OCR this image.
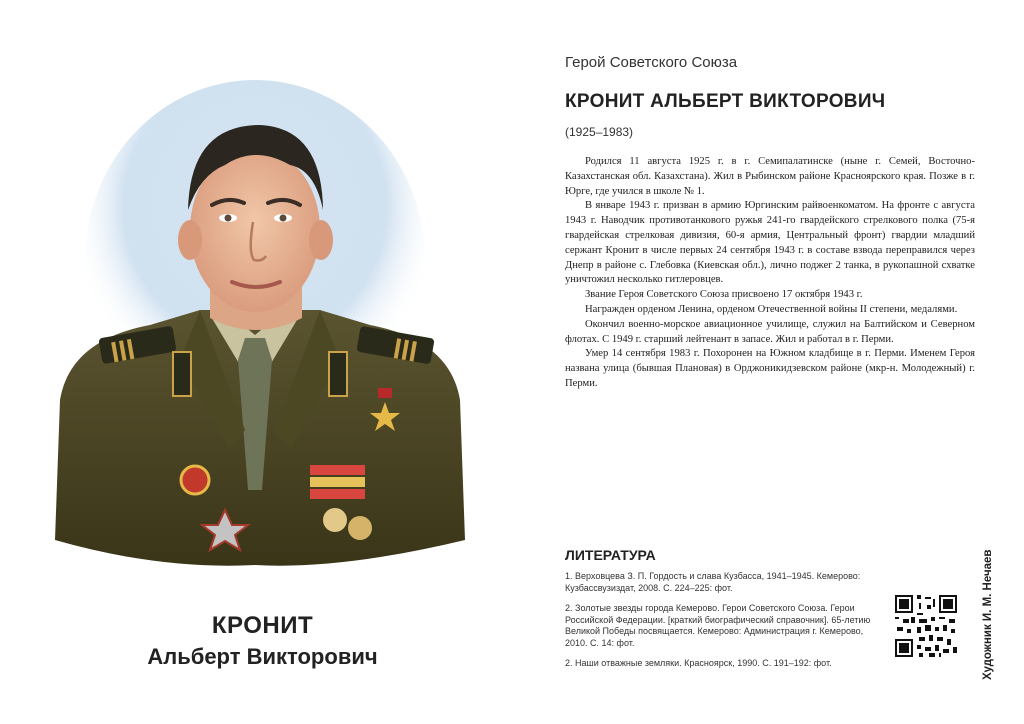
КРОНИТ
Альберт Викторович
Герой Советского Союза
КРОНИТ АЛЬБЕРТ ВИКТОРОВИЧ
(1925–1983)

Родился 11 августа 1925 г. в г. Семипалатинске (ныне г. Семей, Восточно-Казахстанская обл. Казахстана). Жил в Рыбинском районе Красноярского края. Позже в г. Юрге, где учился в школе № 1.

В январе 1943 г. призван в армию Юргинским райвоенкоматом. На фронте с августа 1943 г. Наводчик противотанкового ружья 241-го гвардейского стрелкового полка (75-я гвардейская стрелковая дивизия, 60-я армия, Центральный фронт) гвардии младший сержант Кронит в числе первых 24 сентября 1943 г. в составе взвода переправился через Днепр в районе с. Глебовка (Киевская обл.), лично поджег 2 танка, в рукопашной схватке уничтожил несколько гитлеровцев.

Звание Героя Советского Союза присвоено 17 октября 1943 г.

Награжден орденом Ленина, орденом Отечественной войны II степени, медалями.

Окончил военно-морское авиационное училище, служил на Балтийском и Северном флотах. С 1949 г. старший лейтенант в запасе. Жил и работал в г. Перми.

Умер 14 сентября 1983 г. Похоронен на Южном кладбище в г. Перми. Именем Героя названа улица (бывшая Плановая) в Орджоникидзевском районе (мкр-н. Молодежный) г. Перми.

ЛИТЕРАТУРА
1. Верховцева З. П. Гордость и слава Кузбасса, 1941–1945. Кемерово: Кузбассвузиздат, 2008. С. 224–225: фот.
2. Золотые звезды города Кемерово. Герои Советского Союза. Герои Российской Федерации. [краткий биографический справочник]. 65-летию Великой Победы посвящается. Кемерово: Администрация г. Кемерово, 2010. С. 14: фот.
2. Наши отважные земляки. Красноярск, 1990. С. 191–192: фот.	Художник И. М. Нечаев
